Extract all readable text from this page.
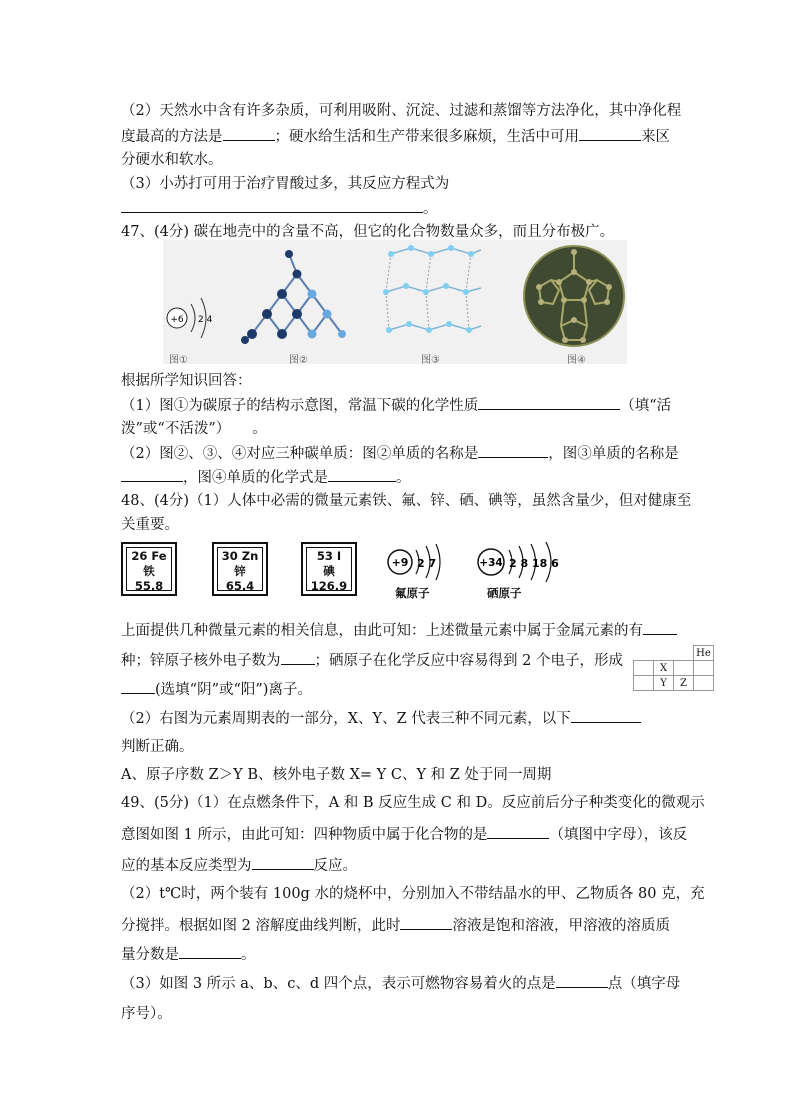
（2）天然水中含有许多杂质，可利用吸附、沉淀、过滤和蒸馏等方法净化，其中净化程
度最高的方法是	；硬水给生活和生产带来很多麻烦，生活中可用	来区
分硬水和软水。
（3）小苏打可用于治疗胃酸过多，其反应方程式为
。
47、(4分) 碳在地壳中的含量不高，但它的化合物数量众多，而且分布极广。
+6 2 4
图①	图②	图③	图④
根据所学知识回答：
（1）图①为碳原子的结构示意图，常温下碳的化学性质	（填“活
泼”或“不活泼”） 。
（2）图②、③、④对应三种碳单质：图②单质的名称是	，图③单质的名称是
，图④单质的化学式是	。
48、(4分)（1）人体中必需的微量元素铁、氟、锌、硒、碘等，虽然含量少，但对健康至
关重要。
26 Fe
铁
55.8
30 Zn
锌
65.4
53 I
碘
126.9
+9 2 7
氟原子
+34 2 8 18 6
硒原子
上面提供几种微量元素的相关信息，由此可知：上述微量元素中属于金属元素的有
种；锌原子核外电子数为 ；硒原子在化学反应中容易得到 2 个电子，形成
(选填“阴”或“阳”)离子。
			He
	X		
	Y	Z	
（2）右图为元素周期表的一部分，X、Y、Z 代表三种不同元素，以下
判断正确。
A、原子序数 Z＞Y B、核外电子数 X= Y C、Y 和 Z 处于同一周期
49、(5分)（1）在点燃条件下，A 和 B 反应生成 C 和 D。反应前后分子种类变化的微观示
意图如图 1 所示，由此可知：四种物质中属于化合物的是	（填图中字母），该反
应的基本反应类型为	反应。
（2）t℃时，两个装有 100g 水的烧杯中，分别加入不带结晶水的甲、乙物质各 80 克，充
分搅拌。根据如图 2 溶解度曲线判断，此时	溶液是饱和溶液，甲溶液的溶质质
量分数是	。
（3）如图 3 所示 a、b、c、d 四个点，表示可燃物容易着火的点是	点（填字母
序号）。
